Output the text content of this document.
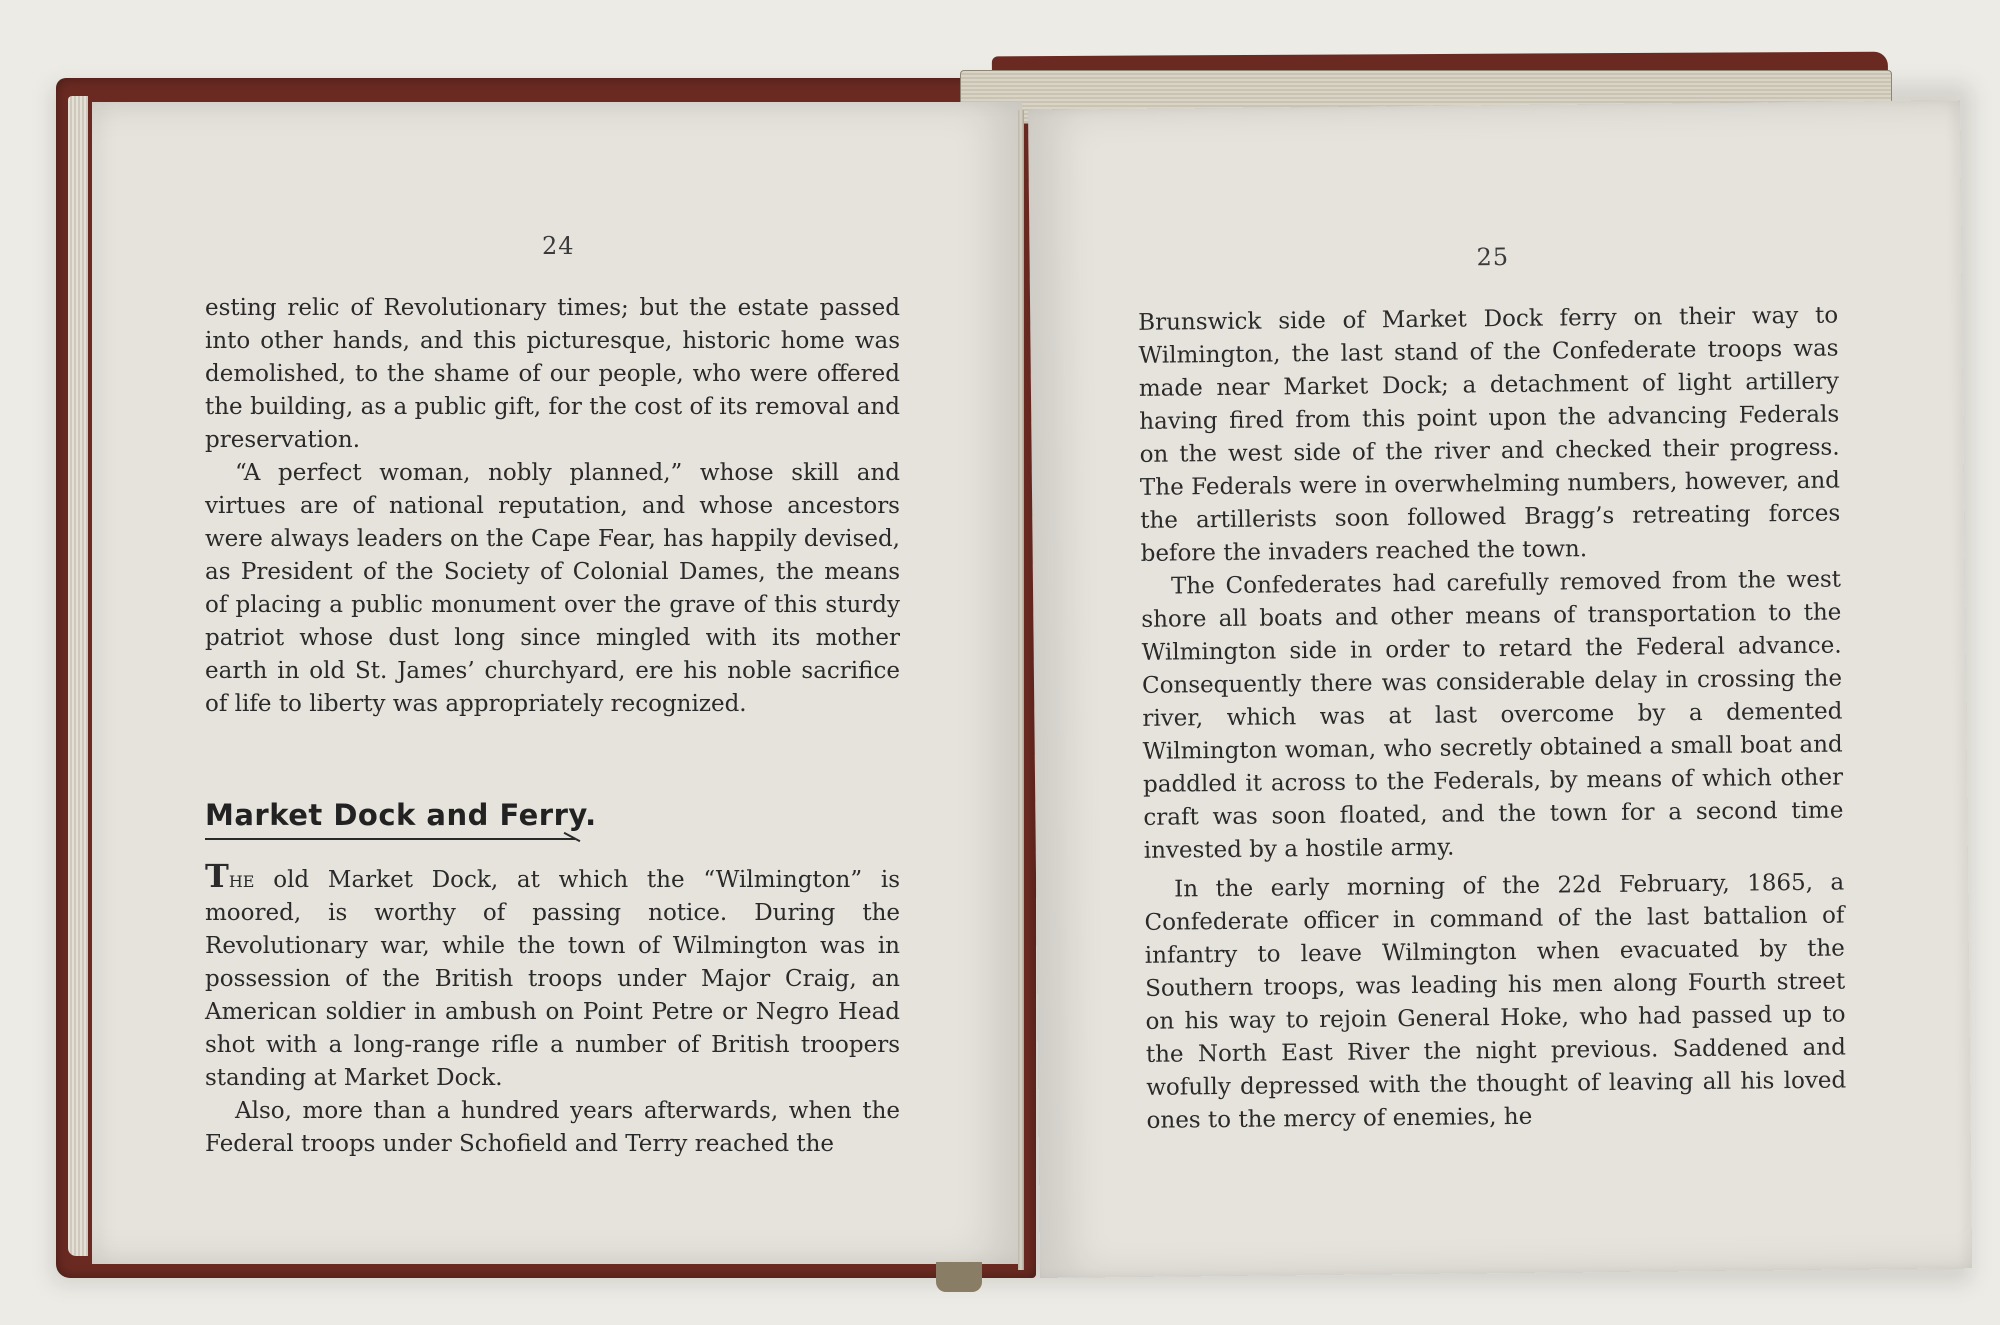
24

esting relic of Revolutionary times; but the estate passed into other hands, and this picturesque, historic home was demolished, to the shame of our people, who were offered the building, as a public gift, for the cost of its removal and preservation.

“A perfect woman, nobly planned,” whose skill and virtues are of national reputation, and whose ancestors were always leaders on the Cape Fear, has happily devised, as President of the Society of Colonial Dames, the means of placing a public monument over the grave of this sturdy patriot whose dust long since mingled with its mother earth in old St. James’ churchyard, ere his noble sacrifice of life to liberty was appropriately recognized.

The old Market Dock, at which the “Wilmington” is moored, is worthy of passing notice. During the Revolutionary war, while the town of Wilmington was in possession of the British troops under Major Craig, an American soldier in ambush on Point Petre or Negro Head shot with a long-range rifle a number of British troopers standing at Market Dock.

Also, more than a hundred years afterwards, when the Federal troops under Schofield and Terry reached the

Market Dock and Ferry.
25

Brunswick side of Market Dock ferry on their way to Wilmington, the last stand of the Confederate troops was made near Market Dock; a detachment of light artillery having fired from this point upon the advancing Federals on the west side of the river and checked their progress. The Federals were in overwhelming numbers, however, and the artillerists soon followed Bragg’s retreating forces before the invaders reached the town.

The Confederates had carefully removed from the west shore all boats and other means of transportation to the Wilmington side in order to retard the Federal advance. Consequently there was considerable delay in crossing the river, which was at last overcome by a demented Wilmington woman, who secretly obtained a small boat and paddled it across to the Federals, by means of which other craft was soon floated, and the town for a second time invested by a hostile army.

In the early morning of the 22d February, 1865, a Confederate officer in command of the last battalion of infantry to leave Wilmington when evacuated by the Southern troops, was leading his men along Fourth street on his way to rejoin General Hoke, who had passed up to the North East River the night previous. Saddened and wofully depressed with the thought of leaving all his loved ones to the mercy of enemies, he
